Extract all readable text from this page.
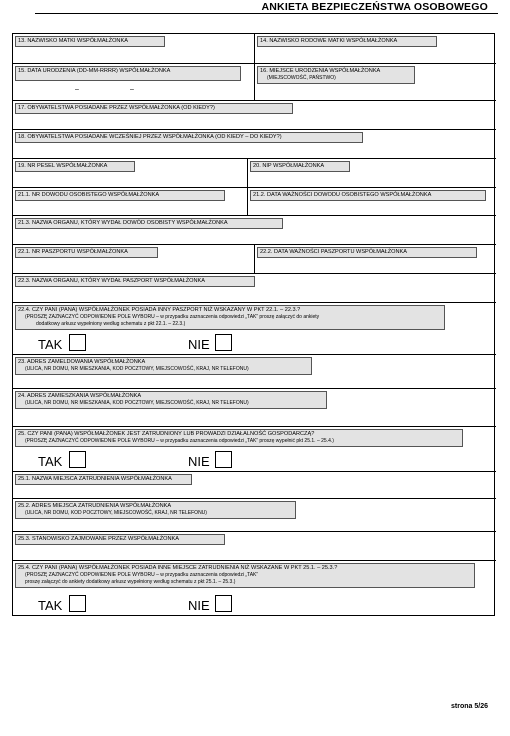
ANKIETA BEZPIECZEŃSTWA OSOBOWEGO
13. NAZWISKO MATKI WSPÓŁMAŁŻONKA	14. NAZWISKO RODOWE MATKI WSPÓŁMAŁŻONKA
15. DATA URODZENIA (DD-MM-RRRR) WSPÓŁMAŁŻONKA
–	–
16. MIEJSCE URODZENIA WSPÓŁMAŁŻONKA
(MIEJSCOWOŚĆ, PAŃSTWO)
17. OBYWATELSTWA POSIADANE PRZEZ WSPÓŁMAŁŻONKA (OD KIEDY?)
18. OBYWATELSTWA POSIADANE WCZEŚNIEJ PRZEZ WSPÓŁMAŁŻONKA (OD KIEDY – DO KIEDY?)
19. NR PESEL WSPÓŁMAŁŻONKA	20. NIP WSPÓŁMAŁŻONKA
21.1. NR DOWODU OSOBISTEGO WSPÓŁMAŁŻONKA	21.2. DATA WAŻNOŚCI DOWODU OSOBISTEGO WSPÓŁMAŁŻONKA
21.3. NAZWA ORGANU, KTÓRY WYDAŁ DOWÓD OSOBISTY WSPÓŁMAŁŻONKA
22.1. NR PASZPORTU WSPÓŁMAŁŻONKA	22.2. DATA WAŻNOŚCI PASZPORTU WSPÓŁMAŁŻONKA
22.3. NAZWA ORGANU, KTÓRY WYDAŁ PASZPORT WSPÓŁMAŁŻONKA
22.4. CZY PANI (PANA) WSPÓŁMAŁŻONEK POSIADA INNY PASZPORT NIŻ WSKAZANY W PKT 22.1. – 22.3.?
(PROSZĘ ZAZNACZYĆ ODPOWIEDNIE POLE WYBORU – w przypadku zaznaczenia odpowiedzi „TAK” proszę załączyć do ankiety
dodatkowy arkusz wypełniony według schematu z pkt 22.1. – 22.3.)
TAK	NIE
23. ADRES ZAMELDOWANIA WSPÓŁMAŁŻONKA
(ULICA, NR DOMU, NR MIESZKANIA, KOD POCZTOWY, MIEJSCOWOŚĆ, KRAJ, NR TELEFONU)
24. ADRES ZAMIESZKANIA WSPÓŁMAŁŻONKA
(ULICA, NR DOMU, NR MIESZKANIA, KOD POCZTOWY, MIEJSCOWOŚĆ, KRAJ, NR TELEFONU)
25. CZY PANI (PANA) WSPÓŁMAŁŻONEK JEST ZATRUDNIONY LUB PROWADZI DZIAŁALNOŚĆ GOSPODARCZĄ?
(PROSZĘ ZAZNACZYĆ ODPOWIEDNIE POLE WYBORU – w przypadku zaznaczenia odpowiedzi „TAK” proszę wypełnić pkt 25.1. – 25.4.)
TAK	NIE
25.1. NAZWA MIEJSCA ZATRUDNIENIA WSPÓŁMAŁŻONKA
25.2. ADRES MIEJSCA ZATRUDNIENIA WSPÓŁMAŁŻONKA
(ULICA, NR DOMU, KOD POCZTOWY, MIEJSCOWOŚĆ, KRAJ, NR TELEFONU)
25.3. STANOWISKO ZAJMOWANE PRZEZ WSPÓŁMAŁŻONKA
25.4. CZY PANI (PANA) WSPÓŁMAŁŻONEK POSIADA INNE MIEJSCE ZATRUDNIENIA NIŻ WSKAZANE W PKT 25.1. – 25.3.?
(PROSZĘ ZAZNACZYĆ ODPOWIEDNIE POLE WYBORU – w przypadku zaznaczenia odpowiedzi „TAK”
proszę załączyć do ankiety dodatkowy arkusz wypełniony według schematu z pkt 25.1. – 25.3.)
TAK	NIE
strona 5/26
